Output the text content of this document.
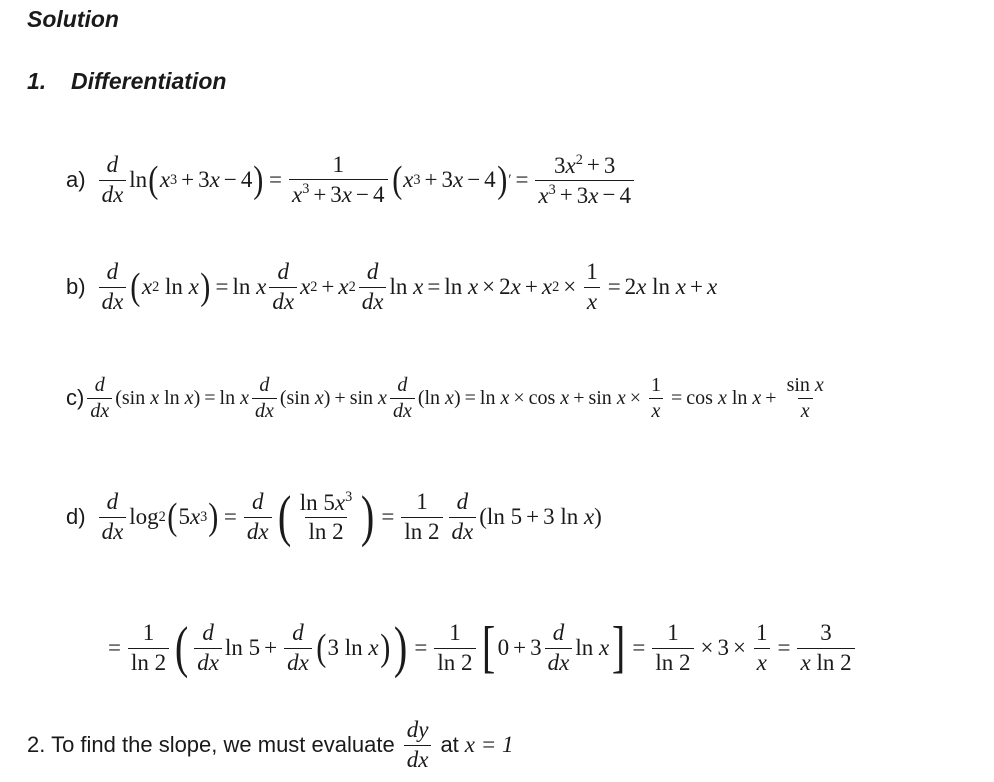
Solution
1. Differentiation
a)
d
dx
ln ( x 3 + 3 x − 4 ) = $\frac{1}{x^3 + 3x - 4}$ ( x 3 + 3 x − 4 ) ′ = $\frac{3x^2 + 3}{x^3 + 3x - 4}$
b)
d
dx ( x 2 ln x ) = ln x
d
dx
x 2 + x 2
d
dx
ln x = ln x × 2 x + x $2 \times \frac{1}{x} = 2$ x ln x + x
c)
d
dx
(sin x ln x ) = ln x
d
dx
(sin x ) + sin x
d
dx
(ln x ) = $\ln x \times \cos x + \sin x \times \frac{1}{x} = \cos x$ $\ln x + \frac{\text{sin x}}{x}$
d)
d
dx
log 2 ( 5 x 3 ) = $\frac{d}{dx}$ ( $\ln 5x^3$
ln 2 ) = $\frac{1}{\ln 2}$ d
dx
(ln 5 + 3 ln x )
= $\frac{1}{\ln 2}$ ( d
dx
$\ln 5 + \frac{d}{dx}$ ( 3 ln x ) ) = $\frac{1}{\ln 2}$ [ $0 + 3 \frac{d}{dx}$ ln x ] = $\frac{1}{\ln 2} \times 3 \times \frac{1}{x} = \frac{3}{\text{x ln 2}}$
2. To find the slope, we must evaluate
dy
dx
at x = 1
